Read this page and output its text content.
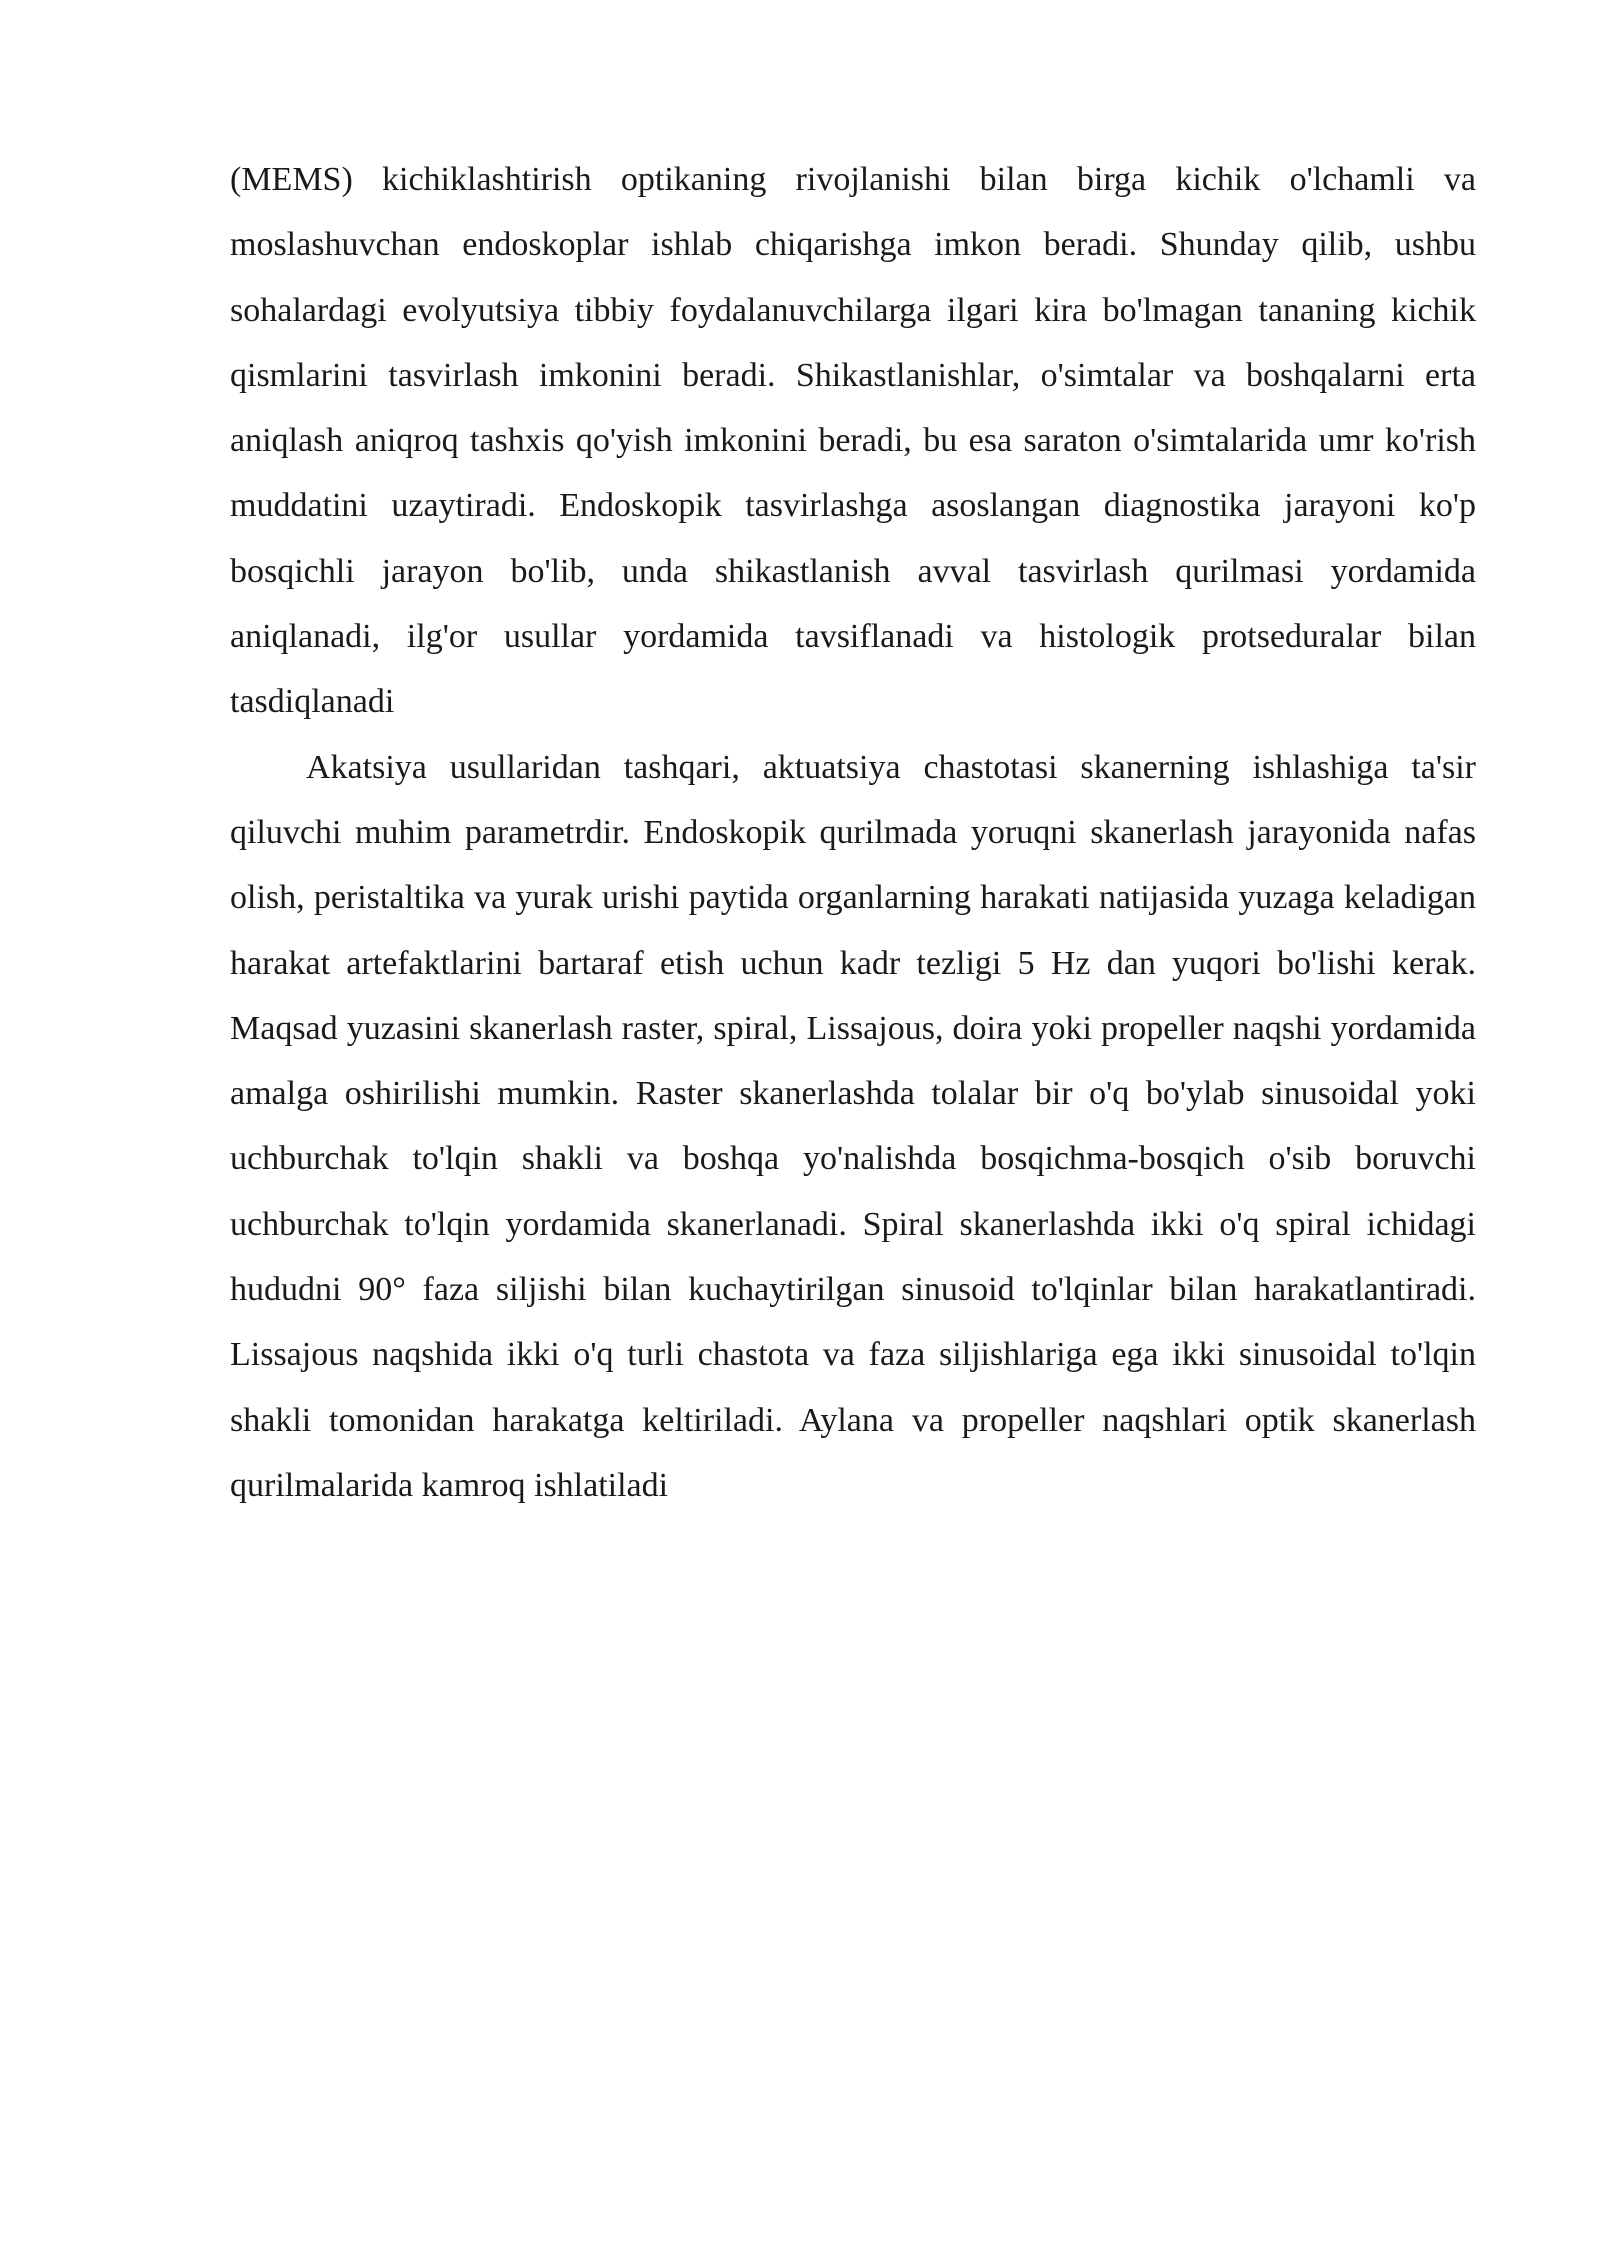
(MEMS) kichiklashtirish optikaning rivojlanishi bilan birga kichik o'lchamli va moslashuvchan endoskoplar ishlab chiqarishga imkon beradi. Shunday qilib, ushbu sohalardagi evolyutsiya tibbiy foydalanuvchilarga ilgari kira bo'lmagan tananing kichik qismlarini tasvirlash imkonini beradi. Shikastlanishlar, o'simtalar va boshqalarni erta aniqlash aniqroq tashxis qo'yish imkonini beradi, bu esa saraton o'simtalarida umr ko'rish muddatini uzaytiradi. Endoskopik tasvirlashga asoslangan diagnostika jarayoni ko'p bosqichli jarayon bo'lib, unda shikastlanish avval tasvirlash qurilmasi yordamida aniqlanadi, ilg'or usullar yordamida tavsiflanadi va histologik protseduralar bilan tasdiqlanadi

Akatsiya usullaridan tashqari, aktuatsiya chastotasi skanerning ishlashiga ta'sir qiluvchi muhim parametrdir. Endoskopik qurilmada yoruqni skanerlash jarayonida nafas olish, peristaltika va yurak urishi paytida organlarning harakati natijasida yuzaga keladigan harakat artefaktlarini bartaraf etish uchun kadr tezligi 5 Hz dan yuqori bo'lishi kerak. Maqsad yuzasini skanerlash raster, spiral, Lissajous, doira yoki propeller naqshi yordamida amalga oshirilishi mumkin. Raster skanerlashda tolalar bir o'q bo'ylab sinusoidal yoki uchburchak to'lqin shakli va boshqa yo'nalishda bosqichma-bosqich o'sib boruvchi uchburchak to'lqin yordamida skanerlanadi. Spiral skanerlashda ikki o'q spiral ichidagi hududni 90° faza siljishi bilan kuchaytirilgan sinusoid to'lqinlar bilan harakatlantiradi. Lissajous naqshida ikki o'q turli chastota va faza siljishlariga ega ikki sinusoidal to'lqin shakli tomonidan harakatga keltiriladi. Aylana va propeller naqshlari optik skanerlash qurilmalarida kamroq ishlatiladi
